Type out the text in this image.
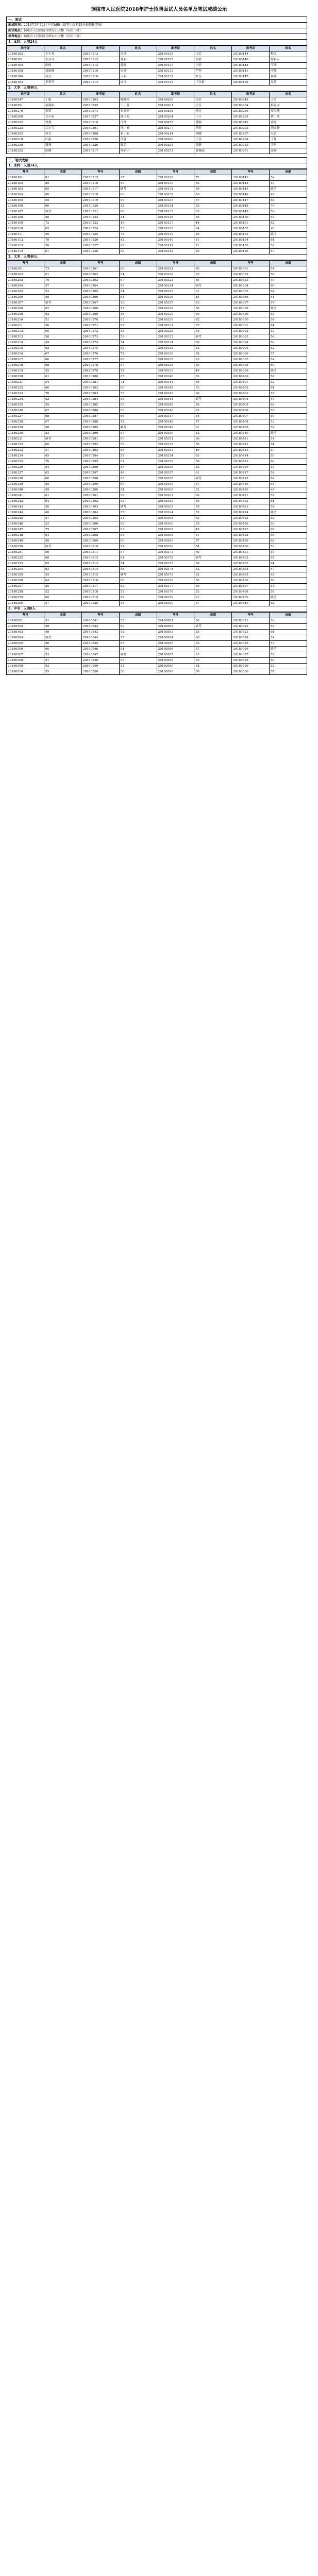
铜陵市人民医院2018年护士招聘面试人员名单及笔试成绩公示
一、面试
面试时间：2018年5月12日下午3:00（请考生提前15分钟到候考场）
面试地点：铜陵市人民医院行政办公大楼（东区三楼）
候考地点：铜陵市人民医院行政办公大楼（东区三楼）
1、本科：入围24人
准考证	姓名	准考证	姓名	准考证	姓名	准考证	姓名
20180102	王小龙	20180113	唐凤	20180129	韦芸	20180144	程文
20180101	张文凤	20180115	曹丽	20180125	方胜	20180140	徐彩云
20180104	陈杨	20180112	薛晓	20180127	王婷	20180148	韦琴
20180109	郑丽娜	20180119	周秀	20180133	严坤	20180141	叶佳
20180106	杨文	20180118	韦丽	20180132	叶佳	20180147	何晓
20180103	李梦萍	20180114	周玲	20180135	王伟艳	20180138	朱慧
2、大专：入围40人
准考证	姓名	准考证	姓名	准考证	姓名	准考证	姓名
20180247	丁娟	20180203	陈晓婷	20180288	吴君	20180248	王芳
20180281	胡莉娟	20180235	王小蓉	20180201	汪佳	20180254	柯春丽
20180276	张莉	20180274	张婷婷	20180298	杨方	20180256	周海燕
20180268	方小丽	20180227	孙少芳	20180284	王玉	20180285	曹小侠
20180252	曾燕	20180216	汪琴	20180275	潘颖	20180242	黄婷
20180223	江小雪	20180261	汪小楠	20180277	孙莉	20180293	胡文静
20180262	徐文	20180208	张小丽	20180244	柯娜	20180287	吴芸
20180218	叶丽	20180228	汪蓉	20180280	王佳	20180234	丁静
20180238	谢燕	20180226	陈美	20180263	张静	20180253	王丹
20180222	陈蝶	20180217	叶丽宁	20180271	曹燕丽	20180291	汪婉
二、笔试成绩
1、本科：入围14人
考号	成绩	考号	成绩	考号	成绩	考号	成绩
20180101	81	20180115	67	20180129	72	20180143	59
20180102	89	20180116	59	20180130	50	20180144	67
20180103	65	20180117	缺考	20180131	56	20180145	缺考
20180104	80	20180118	66	20180132	66	20180146	48
20180105	55	20180119	69	20180133	67	20180147	66
20180106	66	20180120	52	20180134	53	20180148	79
20180107	缺考	20180121	60	20180135	65	20180149	52
20180108	56	20180122	54	20180136	55	20180150	59
20180109	72	20180123	49	20180137	44	20180151	62
20180110	63	20180124	53	20180138	64	20180152	48
20180111	50	20180125	75	20180139	59	20180153	缺考
20180112	70	20180126	42	20180140	81	20180154	61
20180113	76	20180127	68	20180141	71	20180155	50
20180114	67	20180128	56	20180142	60	20180156	57
2、大专：入围40人
考号	成绩	考号	成绩	考号	成绩	考号	成绩
20180201	73	20180261	69	20180321	60	20180381	54
20180202	61	20180262	64	20180322	52	20180382	58
20180203	76	20180263	67	20180323	59	20180383	49
20180204	57	20180264	56	20180324	缺考	20180384	60
20180205	53	20180265	54	20180325	61	20180385	62
20180206	59	20180266	61	20180326	45	20180386	51
20180207	缺考	20180267	53	20180327	63	20180387	57
20180208	67	20180268	72	20180328	56	20180388	缺考
20180209	62	20180269	48	20180329	50	20180389	55
20180210	51	20180270	63	20180330	62	20180390	59
20180211	56	20180271	67	20180331	57	20180391	61
20180212	60	20180272	55	20180332	54	20180392	53
20180213	58	20180273	59	20180333	缺考	20180393	56
20180214	49	20180274	74	20180334	60	20180394	50
20180215	62	20180275	68	20180335	52	20180395	62
20180216	67	20180276	72	20180336	58	20180396	57
20180217	66	20180277	66	20180337	63	20180397	54
20180218	68	20180278	57	20180338	55	20180398	60
20180219	55	20180279	52	20180339	49	20180399	缺考
20180220	61	20180280	67	20180340	62	20180400	58
20180221	54	20180281	74	20180341	56	20180401	52
20180222	66	20180282	60	20180342	53	20180402	61
20180223	70	20180283	55	20180343	60	20180403	57
20180224	52	20180284	68	20180344	缺考	20180404	49
20180225	59	20180285	65	20180345	58	20180405	62
20180226	67	20180286	50	20180346	62	20180406	55
20180227	68	20180287	66	20180347	54	20180407	60
20180228	67	20180288	72	20180348	57	20180408	53
20180229	58	20180289	缺考	20180349	61	20180409	58
20180230	53	20180290	57	20180350	52	20180410	缺考
20180231	缺考	20180291	66	20180351	60	20180411	54
20180232	60	20180292	59	20180352	56	20180412	61
20180233	57	20180293	65	20180353	49	20180413	57
20180234	65	20180294	53	20180354	63	20180414	50
20180235	70	20180295	61	20180355	58	20180415	60
20180236	54	20180296	56	20180356	55	20180416	53
20180237	62	20180297	48	20180357	61	20180417	58
20180238	66	20180298	68	20180358	缺考	20180418	62
20180239	55	20180299	60	20180359	57	20180419	55
20180240	59	20180300	54	20180360	52	20180420	49
20180241	61	20180301	58	20180361	60	20180421	57
20180242	64	20180302	62	20180362	56	20180422	61
20180243	50	20180303	缺考	20180363	59	20180423	54
20180244	66	20180304	57	20180364	53	20180424	缺考
20180245	57	20180305	51	20180365	62	20180425	58
20180246	53	20180306	59	20180366	55	20180426	50
20180247	75	20180307	63	20180367	49	20180427	60
20180248	64	20180308	55	20180368	61	20180428	56
20180249	58	20180309	60	20180369	57	20180429	62
20180250	缺考	20180310	52	20180370	54	20180430	53
20180251	56	20180311	57	20180371	60	20180431	59
20180252	68	20180312	61	20180372	缺考	20180432	55
20180253	65	20180313	54	20180373	58	20180433	61
20180254	63	20180314	58	20180374	52	20180434	57
20180255	55	20180315	缺考	20180375	62	20180435	49
20180256	64	20180316	56	20180376	56	20180436	60
20180257	59	20180317	62	20180377	59	20180437	54
20180258	52	20180318	53	20180378	53	20180438	58
20180259	60	20180319	59	20180379	61	20180439	缺考
20180260	57	20180320	55	20180380	57	20180440	62
3、中专：入围0人
考号	成绩	考号	成绩	考号	成绩	考号	成绩
20180501	51	20180541	55	20180581	58	20180621	53
20180502	58	20180542	60	20180582	缺考	20180622	59
20180503	49	20180543	52	20180583	55	20180623	61
20180504	缺考	20180544	57	20180584	60	20180624	54
20180505	56	20180545	63	20180585	52	20180625	57
20180506	60	20180546	54	20180586	57	20180626	缺考
20180507	53	20180547	缺考	20180587	61	20180627	55
20180508	57	20180548	59	20180588	53	20180628	60
20180509	62	20180549	51	20180589	58	20180629	52
20180510	55	20180550	56	20180590	50	20180630	57
